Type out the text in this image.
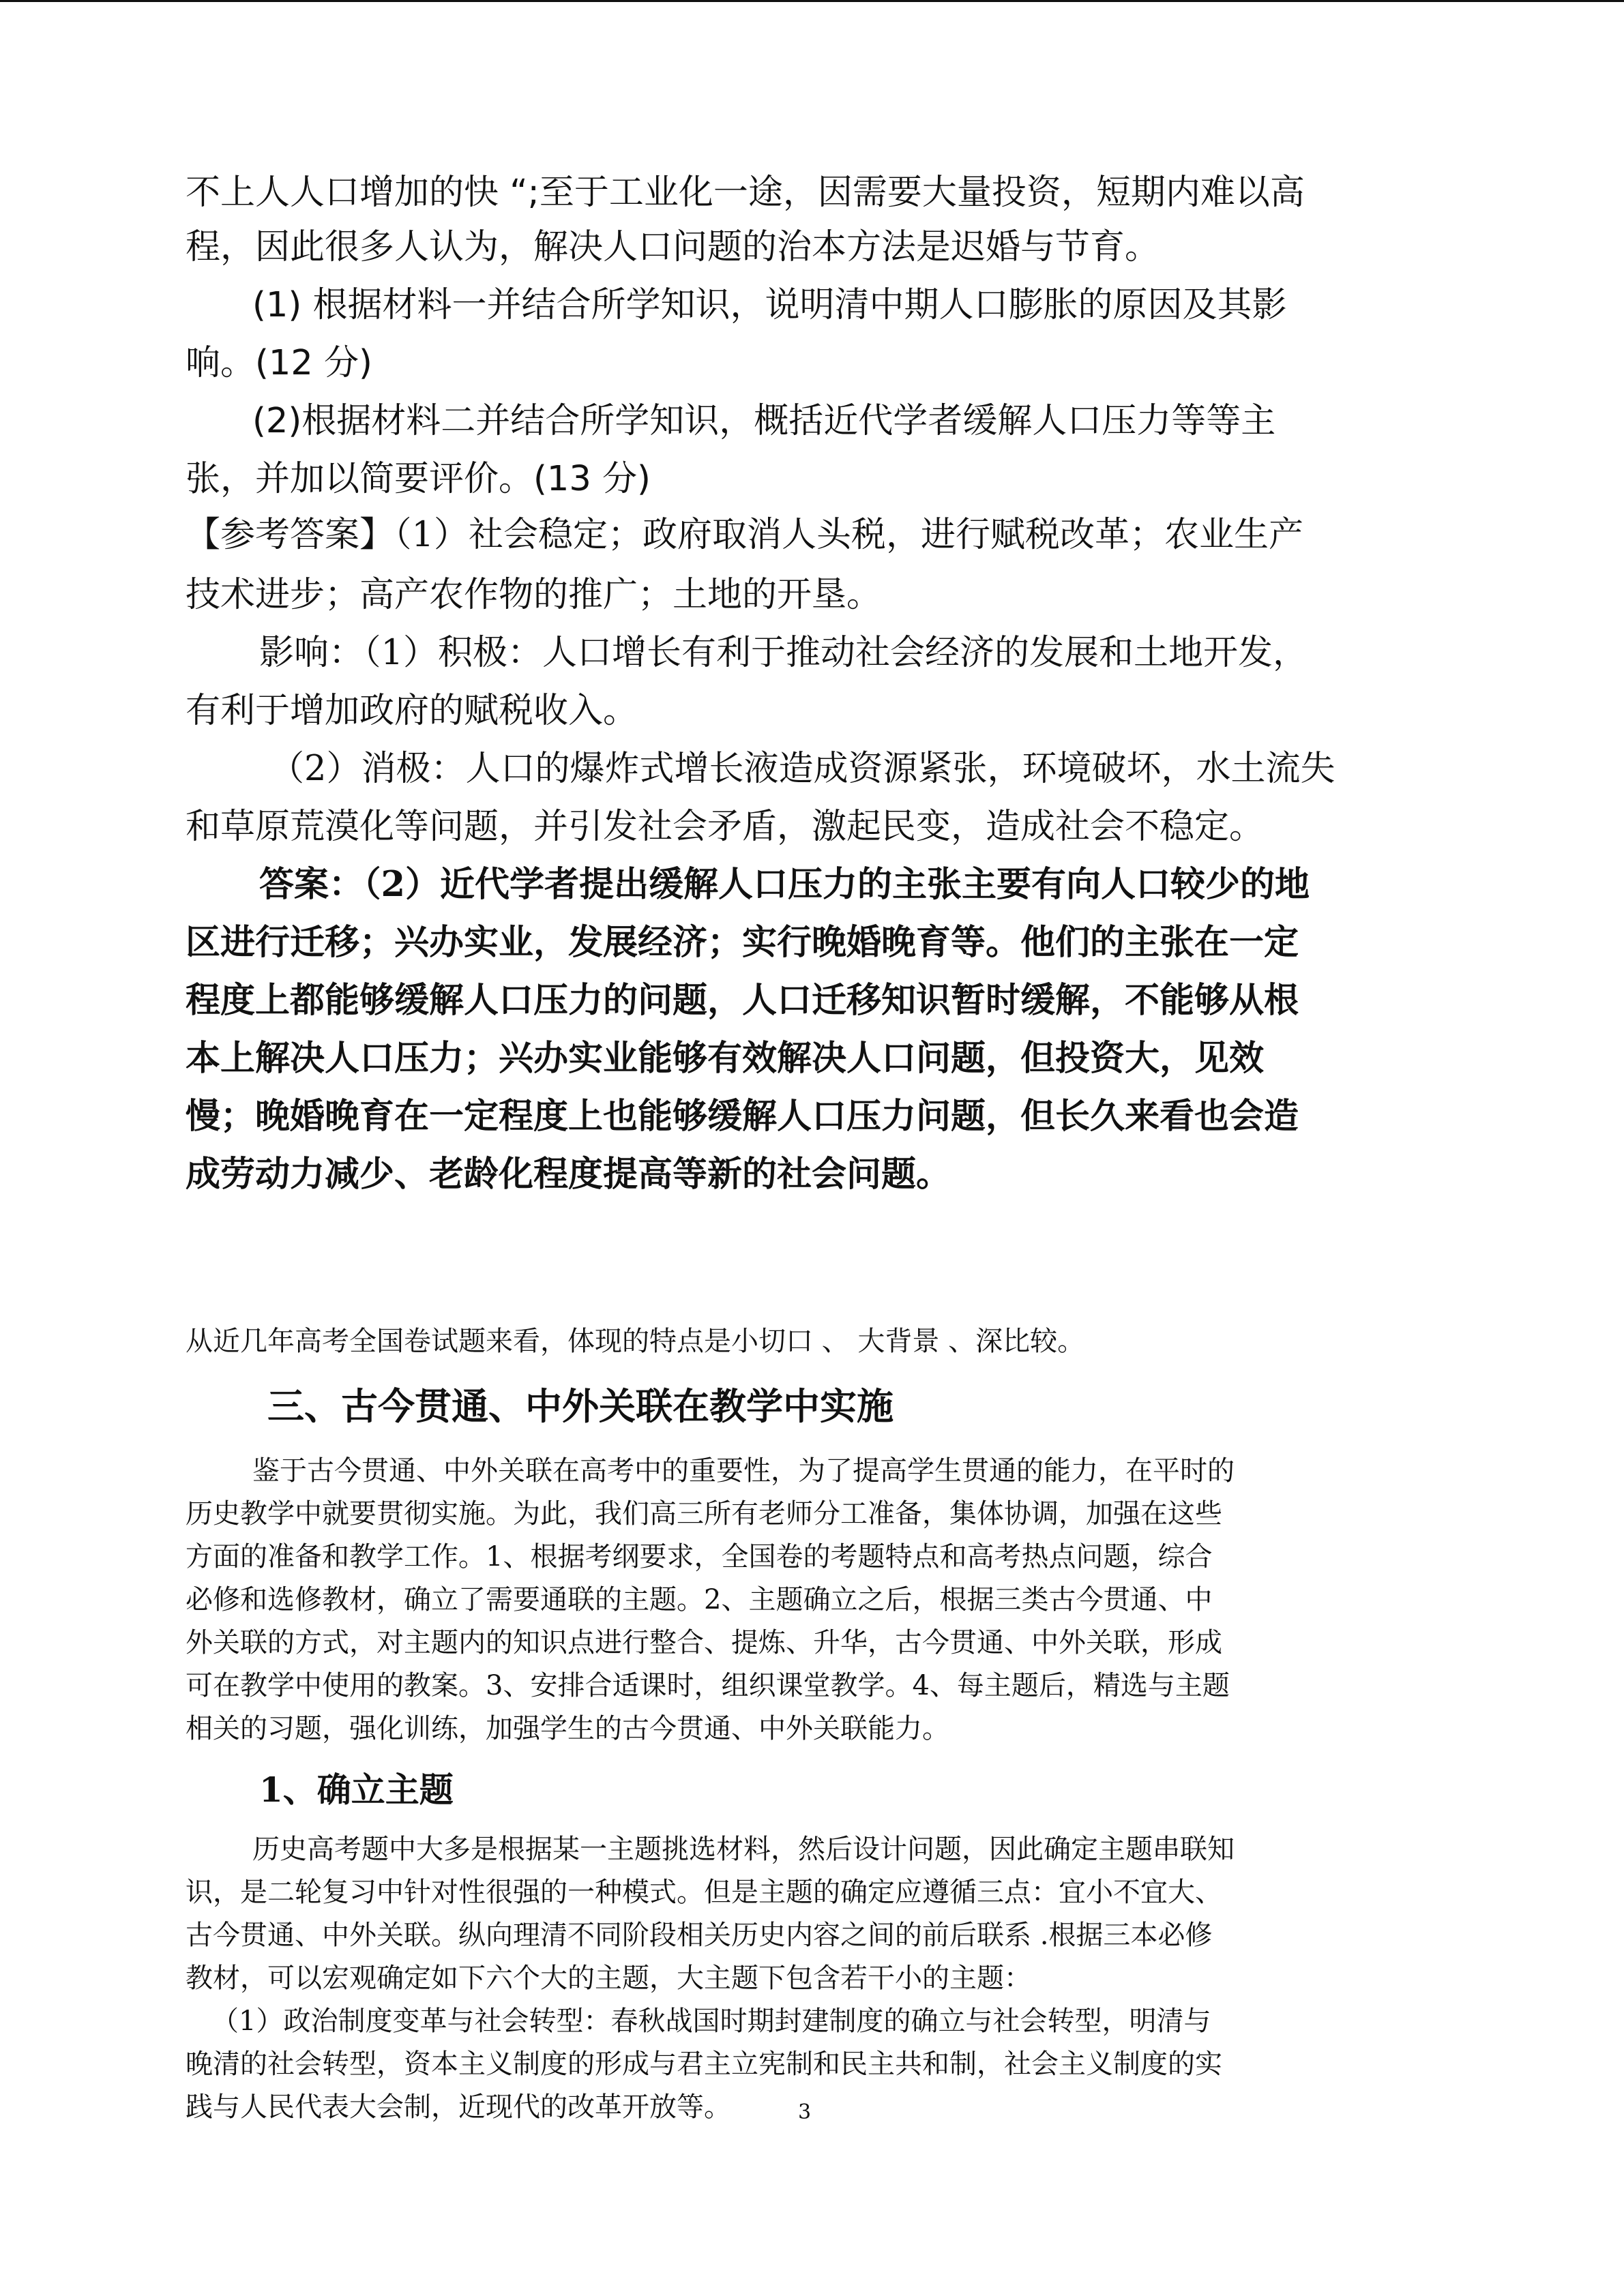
不上人人口增加的快 “;至于工业化一途，因需要大量投资，短期内难以高

程，因此很多人认为，解决人口问题的治本方法是迟婚与节育。

(1) 根据材料一并结合所学知识，说明清中期人口膨胀的原因及其影

响。(12 分)

(2)根据材料二并结合所学知识，概括近代学者缓解人口压力等等主

张，并加以简要评价。(13 分)

【参考答案】（1）社会稳定；政府取消人头税，进行赋税改革；农业生产

技术进步；高产农作物的推广；土地的开垦。

影响：（1）积极：人口增长有利于推动社会经济的发展和土地开发，

有利于增加政府的赋税收入。

（2）消极：人口的爆炸式增长液造成资源紧张，环境破坏，水土流失

和草原荒漠化等问题，并引发社会矛盾，激起民变，造成社会不稳定。

答案：（2）近代学者提出缓解人口压力的主张主要有向人口较少的地

区进行迁移；兴办实业，发展经济；实行晚婚晚育等。他们的主张在一定

程度上都能够缓解人口压力的问题，人口迁移知识暂时缓解，不能够从根

本上解决人口压力；兴办实业能够有效解决人口问题，但投资大，见效

慢；晚婚晚育在一定程度上也能够缓解人口压力问题，但长久来看也会造

成劳动力减少、老龄化程度提高等新的社会问题。

从近几年高考全国卷试题来看，体现的特点是小切口 、 大背景 、深比较。

三、古今贯通、中外关联在教学中实施

鉴于古今贯通、中外关联在高考中的重要性，为了提高学生贯通的能力，在平时的

历史教学中就要贯彻实施。为此，我们高三所有老师分工准备，集体协调，加强在这些

方面的准备和教学工作。1、根据考纲要求，全国卷的考题特点和高考热点问题，综合

必修和选修教材，确立了需要通联的主题。2、主题确立之后，根据三类古今贯通、中

外关联的方式，对主题内的知识点进行整合、提炼、升华，古今贯通、中外关联，形成

可在教学中使用的教案。3、安排合适课时，组织课堂教学。4、每主题后，精选与主题

相关的习题，强化训练，加强学生的古今贯通、中外关联能力。

1、确立主题

历史高考题中大多是根据某一主题挑选材料，然后设计问题，因此确定主题串联知

识，是二轮复习中针对性很强的一种模式。但是主题的确定应遵循三点：宜小不宜大、

古今贯通、中外关联。纵向理清不同阶段相关历史内容之间的前后联系 .根据三本必修

教材，可以宏观确定如下六个大的主题，大主题下包含若干小的主题：

（1）政治制度变革与社会转型：春秋战国时期封建制度的确立与社会转型，明清与

晚清的社会转型，资本主义制度的形成与君主立宪制和民主共和制，社会主义制度的实

践与人民代表大会制，近现代的改革开放等。	3
